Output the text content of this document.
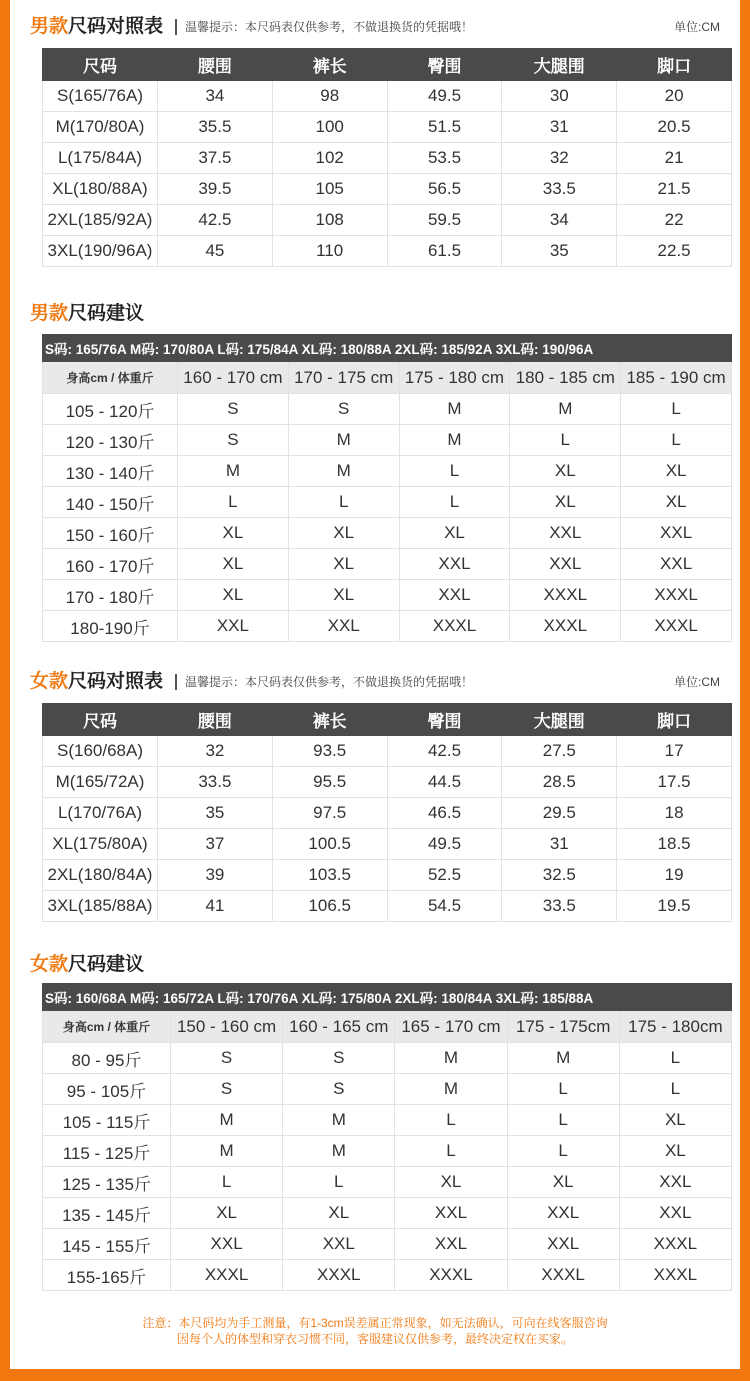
男款尺码对照表	温馨提示：本尺码表仅供参考，不做退换货的凭据哦！	单位:CM
尺码	腰围	裤长	臀围	大腿围	脚口
S(165/76A)	34	98	49.5	30	20
M(170/80A)	35.5	100	51.5	31	20.5
L(175/84A)	37.5	102	53.5	32	21
XL(180/88A)	39.5	105	56.5	33.5	21.5
2XL(185/92A)	42.5	108	59.5	34	22
3XL(190/96A)	45	110	61.5	35	22.5
男款尺码建议
S码: 165/76A M码: 170/80A L码: 175/84A XL码: 180/88A 2XL码: 185/92A 3XL码: 190/96A					
身高cm / 体重斤	160 - 170 cm	170 - 175 cm	175 - 180 cm	180 - 185 cm	185 - 190 cm
105 - 120斤	S	S	M	M	L
120 - 130斤	S	M	M	L	L
130 - 140斤	M	M	L	XL	XL
140 - 150斤	L	L	L	XL	XL
150 - 160斤	XL	XL	XL	XXL	XXL
160 - 170斤	XL	XL	XXL	XXL	XXL
170 - 180斤	XL	XL	XXL	XXXL	XXXL
180-190斤	XXL	XXL	XXXL	XXXL	XXXL
女款尺码对照表	温馨提示：本尺码表仅供参考，不做退换货的凭据哦！	单位:CM
尺码	腰围	裤长	臀围	大腿围	脚口
S(160/68A)	32	93.5	42.5	27.5	17
M(165/72A)	33.5	95.5	44.5	28.5	17.5
L(170/76A)	35	97.5	46.5	29.5	18
XL(175/80A)	37	100.5	49.5	31	18.5
2XL(180/84A)	39	103.5	52.5	32.5	19
3XL(185/88A)	41	106.5	54.5	33.5	19.5
女款尺码建议
S码: 160/68A M码: 165/72A L码: 170/76A XL码: 175/80A 2XL码: 180/84A 3XL码: 185/88A					
身高cm / 体重斤	150 - 160 cm	160 - 165 cm	165 - 170 cm	175 - 175cm	175 - 180cm
80 - 95斤	S	S	M	M	L
95 - 105斤	S	S	M	L	L
105 - 115斤	M	M	L	L	XL
115 - 125斤	M	M	L	L	XL
125 - 135斤	L	L	XL	XL	XXL
135 - 145斤	XL	XL	XXL	XXL	XXL
145 - 155斤	XXL	XXL	XXL	XXL	XXXL
155-165斤	XXXL	XXXL	XXXL	XXXL	XXXL
注意：本尺码均为手工测量，有1-3cm误差属正常现象，如无法确认，可向在线客服咨询
因每个人的体型和穿衣习惯不同，客服建议仅供参考，最终决定权在买家。
